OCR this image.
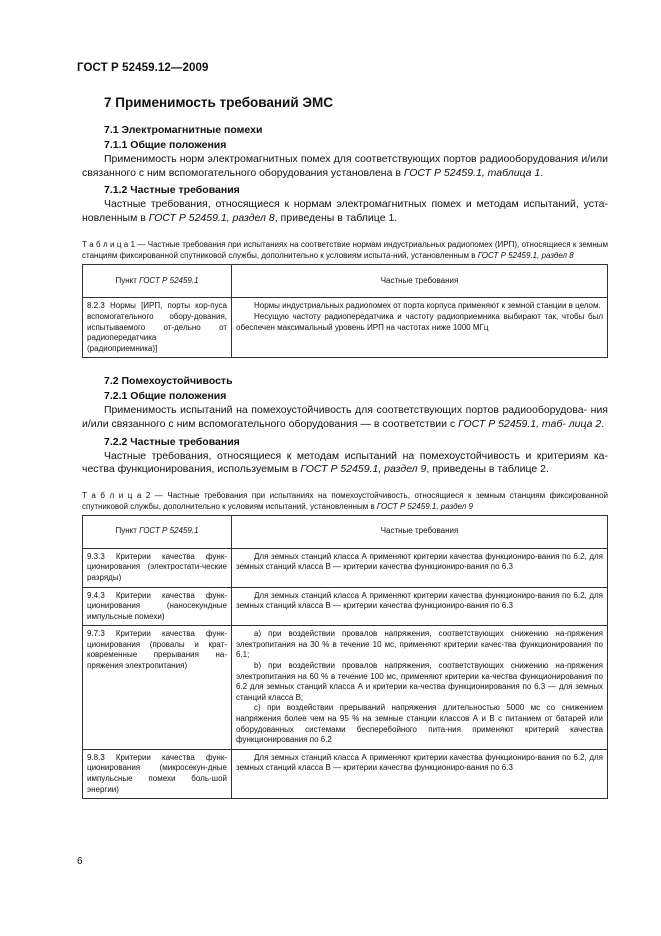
ГОСТ Р 52459.12—2009
7 Применимость требований ЭМС
7.1 Электромагнитные помехи
7.1.1 Общие положения

Применимость норм электромагнитных помех для соответствующих портов радиооборудования и/или связанного с ним вспомогательного оборудования установлена в ГОСТ Р 52459.1, таблица 1.

7.1.2 Частные требования

Частные требования, относящиеся к нормам электромагнитных помех и методам испытаний, уста- новленным в ГОСТ Р 52459.1, раздел 8, приведены в таблице 1.

Т а б л и ц а 1 — Частные требования при испытаниях на соответствие нормам индустриальных радиопомех (ИРП), относящиеся к земным станциям фиксированной спутниковой службы, дополнительно к условиям испыта-ний, установленным в ГОСТ Р 52459.1, раздел 8

Пункт ГОСТ Р 52459.1	Частные требования
8.2.3 Нормы [ИРП, порты кор-пуса вспомогательного обору-дования, испытываемого от-дельно от радиопередатчика (радиоприемника)]	Нормы индустриальных радиопомех от порта корпуса применяют к земной станции в целом.
Несущую частоту радиопередатчика и частоту радиоприемника выбирают так, чтобы был обеспечен максимальный уровень ИРП на частотах ниже 1000 МГц
7.2 Помехоустойчивость
7.2.1 Общие положения

Применимость испытаний на помехоустойчивость для соответствующих портов радиооборудова- ния и/или связанного с ним вспомогательного оборудования — в соответствии с ГОСТ Р 52459.1, таб- лица 2.

7.2.2 Частные требования

Частные требования, относящиеся к методам испытаний на помехоустойчивость и критериям ка- чества функционирования, используемым в ГОСТ Р 52459.1, раздел 9, приведены в таблице 2.

Т а б л и ц а 2 — Частные требования при испытаниях на помехоустойчивость, относящиеся к земным станциям фиксированной спутниковой службы, дополнительно к условиям испытаний, установленным в ГОСТ Р 52459.1, раздел 9

Пункт ГОСТ Р 52459.1	Частные требования
9.3.3 Критерии качества функ-ционирования (электростати-ческие разряды)	Для земных станций класса А применяют критерии качества функциониро-вания по 6.2, для земных станций класса В — критерии качества функциониро-вания по 6.3

9.4.3 Критерии качества функ-ционирования (наносекундные импульсные помехи)	Для земных станций класса А применяют критерии качества функциониро-вания по 6.2, для земных станций класса В — критерии качества функциониро-вания по 6.3

9.7.3 Критерии качества функ-ционирования (провалы и крат-ковременные прерывания на-пряжения электропитания)	а) при воздействии провалов напряжения, соответствующих снижению на-пряжения электропитания на 30 % в течение 10 мс, применяют критерии качес-тва функционирования по 6.1;
b) при воздействии провалов напряжения, соответствующих снижению на-пряжения электропитания на 60 % в течение 100 мс, применяют критерии ка-чества функционирования по 6.2 для земных станций класса А и критерии ка-чества функционирования по 6.3 — для земных станций класса В;
с) при воздействии прерываний напряжения длительностью 5000 мс со снижением напряжения более чем на 95 % на земные станции классов А и В с питанием от батарей или оборудованных системами бесперебойного пита-ния применяют критерий качества функционирования по 6.2

9.8.3 Критерии качества функ-ционирования (микросекун-дные импульсные помехи боль-шой энергии)	Для земных станций класса А применяют критерии качества функциониро-вания по 6.2, для земных станций класса В — критерии качества функциониро-вания по 6.3
6
